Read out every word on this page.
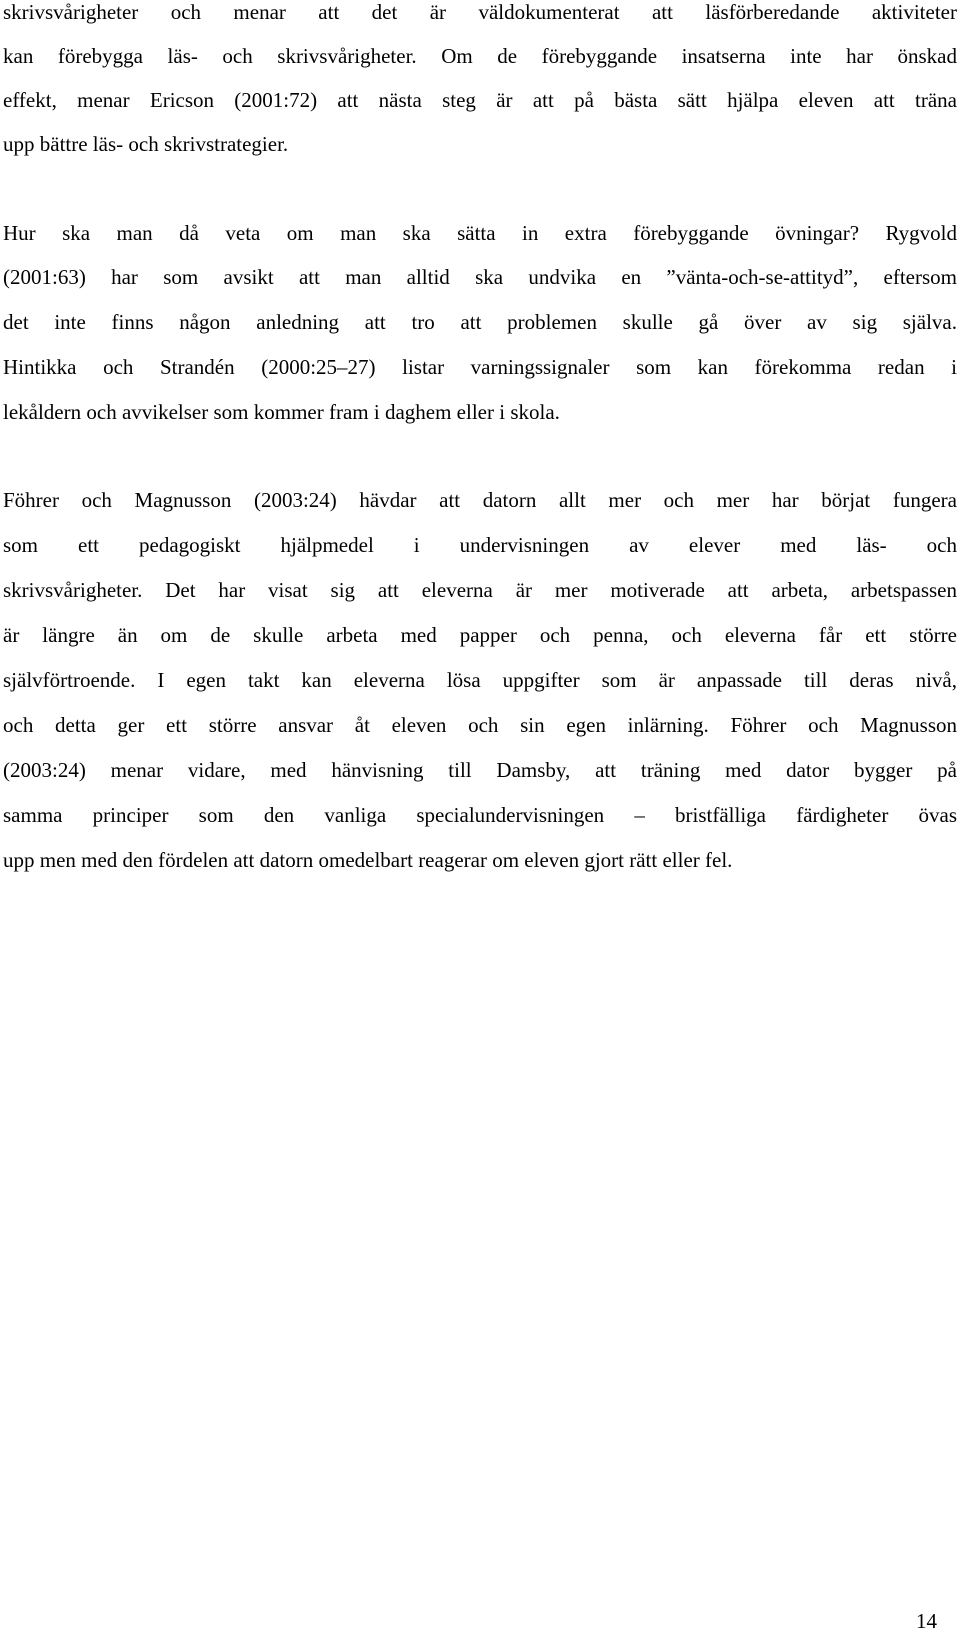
skrivsvårigheter och menar att det är väldokumenterat att läsförberedande aktiviteter
kan förebygga läs- och skrivsvårigheter. Om de förebyggande insatserna inte har önskad
effekt, menar Ericson (2001:72) att nästa steg är att på bästa sätt hjälpa eleven att träna
upp bättre läs- och skrivstrategier.
Hur ska man då veta om man ska sätta in extra förebyggande övningar? Rygvold
(2001:63) har som avsikt att man alltid ska undvika en ”vänta-och-se-attityd”, eftersom
det inte finns någon anledning att tro att problemen skulle gå över av sig själva.
Hintikka och Strandén (2000:25–27) listar varningssignaler som kan förekomma redan i
lekåldern och avvikelser som kommer fram i daghem eller i skola.
Föhrer och Magnusson (2003:24) hävdar att datorn allt mer och mer har börjat fungera
som ett pedagogiskt hjälpmedel i undervisningen av elever med läs- och
skrivsvårigheter. Det har visat sig att eleverna är mer motiverade att arbeta, arbetspassen
är längre än om de skulle arbeta med papper och penna, och eleverna får ett större
självförtroende. I egen takt kan eleverna lösa uppgifter som är anpassade till deras nivå,
och detta ger ett större ansvar åt eleven och sin egen inlärning. Föhrer och Magnusson
(2003:24) menar vidare, med hänvisning till Damsby, att träning med dator bygger på
samma principer som den vanliga specialundervisningen – bristfälliga färdigheter övas
upp men med den fördelen att datorn omedelbart reagerar om eleven gjort rätt eller fel.
14
